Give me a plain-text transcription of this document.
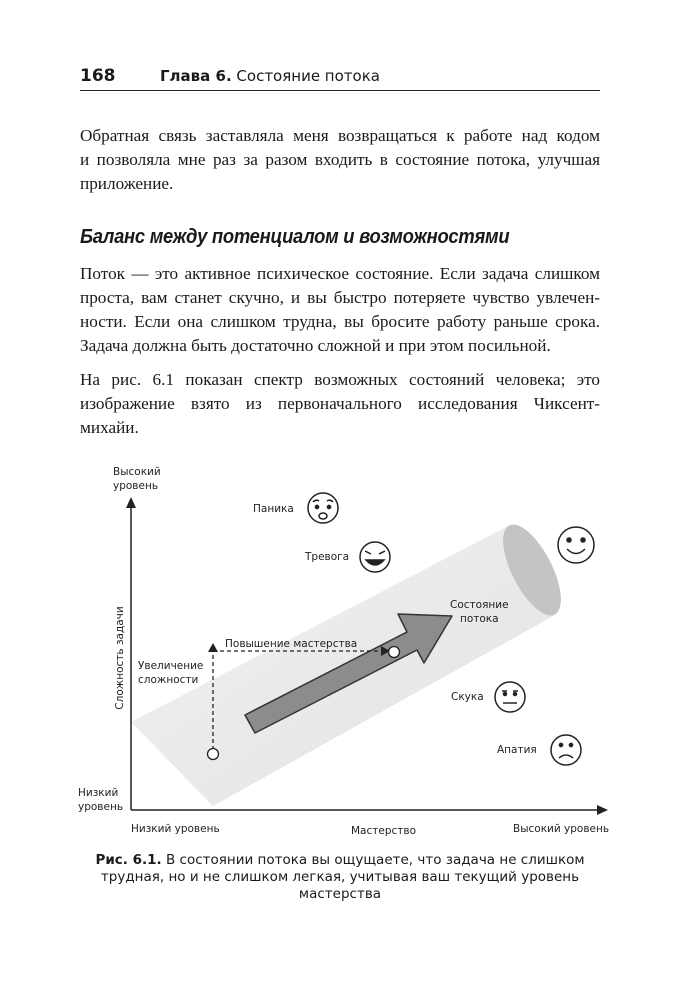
168	Глава 6. Состояние потока

Обратная связь заставляла меня возвращаться к работе над кодом
и позволяла мне раз за разом входить в состояние потока, улучшая
приложение.

Баланс между потенциалом и возможностями

Поток — это активное психическое состояние. Если задача слишком
проста, вам станет скучно, и вы быстро потеряете чувство увлечен-
ности. Если она слишком трудна, вы бросите работу раньше срока.
Задача должна быть достаточно сложной и при этом посильной.

На рис. 6.1 показан спектр возможных состояний человека; это
изображение взято из первоначального исследования Чиксент-
михайи.

Высокий
уровень
Низкий
уровень
Сложность задачи
Низкий уровень	Мастерство	Высокий уровень
Паника
Тревога
Состояние
потока
Скука
Апатия
Увеличение
сложности
Повышение мастерства
Рис. 6.1. В состоянии потока вы ощущаете, что задача не слишком
трудная, но и не слишком легкая, учитывая ваш текущий уровень
мастерства
